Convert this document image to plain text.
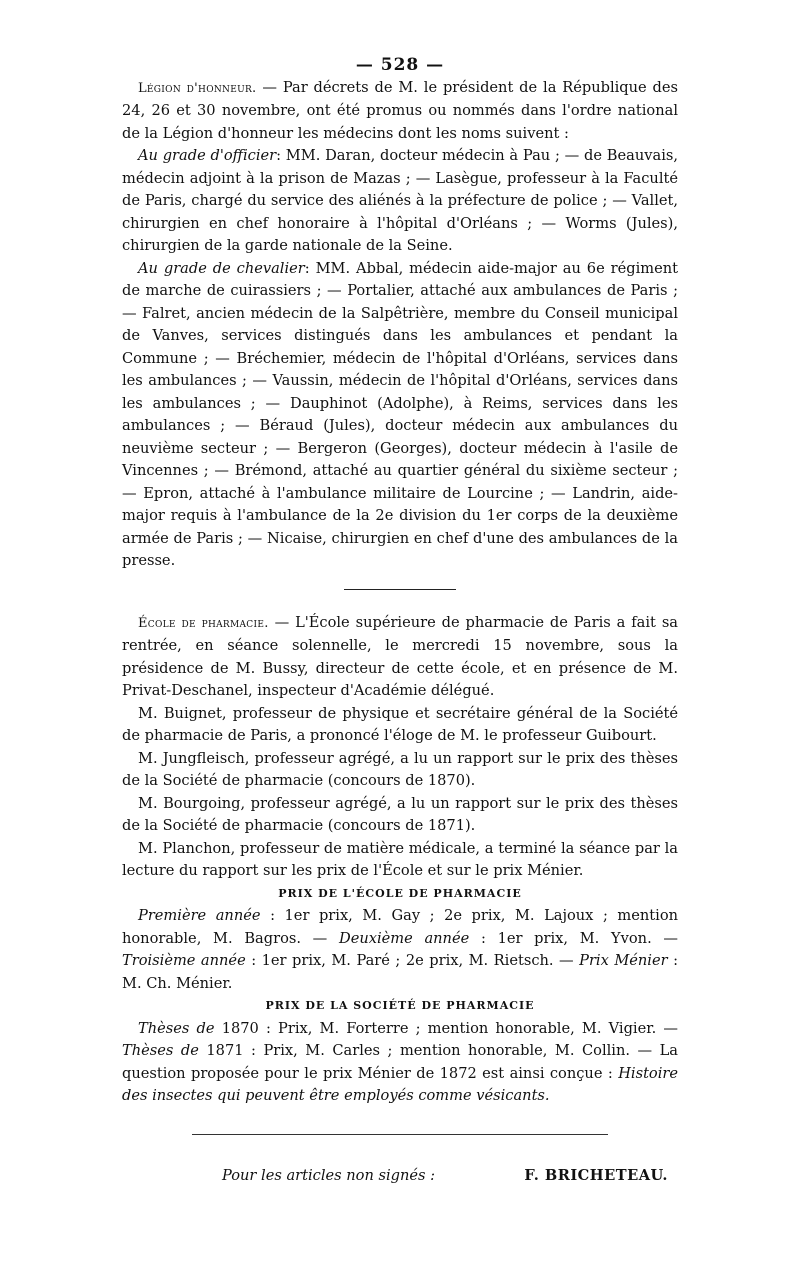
— 528 —

Légion d'honneur. — Par décrets de M. le président de la République des 24, 26 et 30 novembre, ont été promus ou nommés dans l'ordre national de la Légion d'honneur les médecins dont les noms suivent :

Au grade d'officier: MM. Daran, docteur médecin à Pau ; — de Beauvais, médecin adjoint à la prison de Mazas ; — Lasègue, professeur à la Faculté de Paris, chargé du service des aliénés à la préfecture de police ; — Vallet, chirurgien en chef honoraire à l'hôpital d'Orléans ; — Worms (Jules), chirurgien de la garde nationale de la Seine.

Au grade de chevalier: MM. Abbal, médecin aide-major au 6e régiment de marche de cuirassiers ; — Portalier, attaché aux ambulances de Paris ; — Falret, ancien médecin de la Salpêtrière, membre du Conseil municipal de Vanves, services distingués dans les ambulances et pendant la Commune ; — Bréchemier, médecin de l'hôpital d'Orléans, services dans les ambulances ; — Vaussin, médecin de l'hôpital d'Orléans, services dans les ambulances ; — Dauphinot (Adolphe), à Reims, services dans les ambulances ; — Béraud (Jules), docteur médecin aux ambulances du neuvième secteur ; — Bergeron (Georges), docteur médecin à l'asile de Vincennes ; — Brémond, attaché au quartier général du sixième secteur ; — Epron, attaché à l'ambulance militaire de Lourcine ; — Landrin, aide-major requis à l'ambulance de la 2e division du 1er corps de la deuxième armée de Paris ; — Nicaise, chirurgien en chef d'une des ambulances de la presse.

École de pharmacie. — L'École supérieure de pharmacie de Paris a fait sa rentrée, en séance solennelle, le mercredi 15 novembre, sous la présidence de M. Bussy, directeur de cette école, et en présence de M. Privat-Deschanel, inspecteur d'Académie délégué.

M. Buignet, professeur de physique et secrétaire général de la Société de pharmacie de Paris, a prononcé l'éloge de M. le professeur Guibourt.

M. Jungfleisch, professeur agrégé, a lu un rapport sur le prix des thèses de la Société de pharmacie (concours de 1870).

M. Bourgoing, professeur agrégé, a lu un rapport sur le prix des thèses de la Société de pharmacie (concours de 1871).

M. Planchon, professeur de matière médicale, a terminé la séance par la lecture du rapport sur les prix de l'École et sur le prix Ménier.

PRIX DE L'ÉCOLE DE PHARMACIE

Première année : 1er prix, M. Gay ; 2e prix, M. Lajoux ; mention honorable, M. Bagros. — Deuxième année : 1er prix, M. Yvon. — Troisième année : 1er prix, M. Paré ; 2e prix, M. Rietsch. — Prix Ménier : M. Ch. Ménier.

PRIX DE LA SOCIÉTÉ DE PHARMACIE

Thèses de 1870 : Prix, M. Forterre ; mention honorable, M. Vigier. — Thèses de 1871 : Prix, M. Carles ; mention honorable, M. Collin. — La question proposée pour le prix Ménier de 1872 est ainsi conçue : Histoire des insectes qui peuvent être employés comme vésicants.

Pour les articles non signés :	F. BRICHETEAU.
